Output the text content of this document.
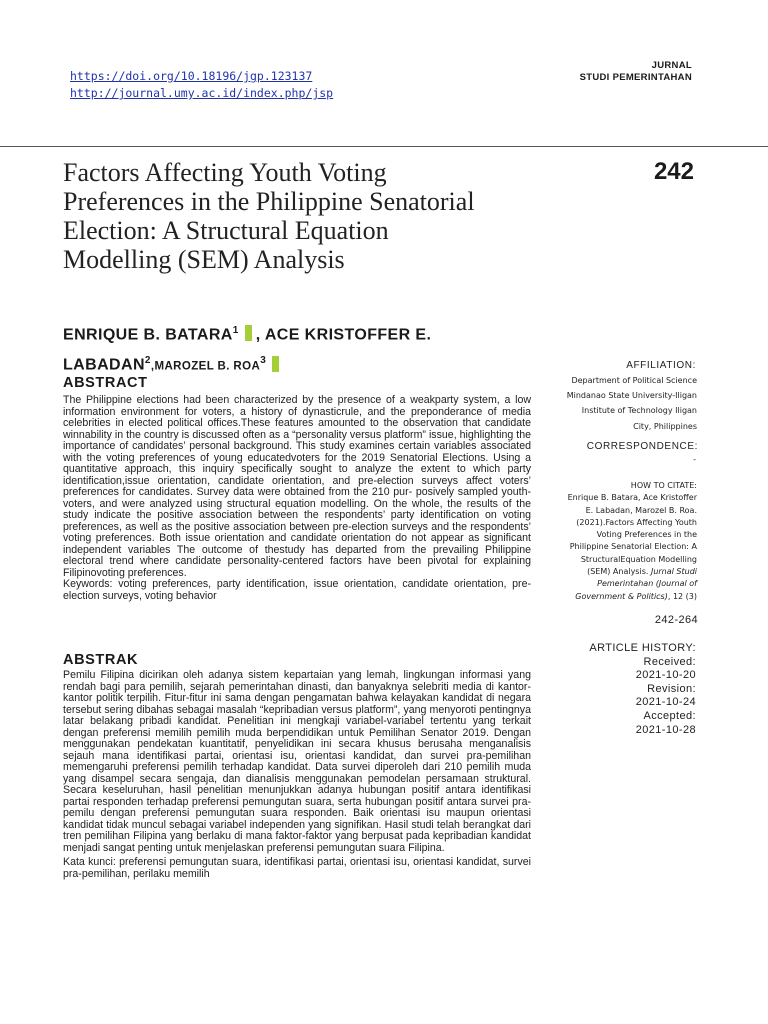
https://doi.org/10.18196/jgp.123137
http://journal.umy.ac.id/index.php/jsp
JURNAL
STUDI PEMERINTAHAN
Factors Affecting Youth Voting Preferences in the Philippine Senatorial Election: A Structural Equation Modelling (SEM) Analysis
242
ENRIQUE B. BATARA$^1$ , ACE KRISTOFFER E.
LABADAN$^2$,MAROZEL B. ROA$^3$
ABSTRACT
The Philippine elections had been characterized by the presence of a weakparty system, a low information environment for voters, a history of dynasticrule, and the preponderance of media celebrities in elected political offices.These features amounted to the observation that candidate winnability in the country is discussed often as a “personality versus platform” issue, highlighting the importance of candidates’ personal background. This study examines certain variables associated with the voting preferences of young educatedvoters for the 2019 Senatorial Elections. Using a quantitative approach, this inquiry specifically sought to analyze the extent to which party identification,issue orientation, candidate orientation, and pre-election surveys affect voters’ preferences for candidates. Survey data were obtained from the 210 pur- posively sampled youth-voters, and were analyzed using structural equation modelling. On the whole, the results of the study indicate the positive association between the respondents’ party identification on voting preferences, as well as the positive association between pre-election surveys and the respondents’ voting preferences. Both issue orientation and candidate orientation do not appear as significant independent variables The outcome of thestudy has departed from the prevailing Philippine electoral trend where candidate personality-centered factors have been pivotal for explaining Filipinovoting preferences.
Keywords: voting preferences, party identification, issue orientation, candidate orientation, pre-election surveys, voting behavior
ABSTRAK
Pemilu Filipina dicirikan oleh adanya sistem kepartaian yang lemah, lingkungan informasi yang rendah bagi para pemilih, sejarah pemerintahan dinasti, dan banyaknya selebriti media di kantor-kantor politik terpilih. Fitur-fitur ini sama dengan pengamatan bahwa kelayakan kandidat di negara tersebut sering dibahas sebagai masalah “kepribadian versus platform”, yang menyoroti pentingnya latar belakang pribadi kandidat. Penelitian ini mengkaji variabel-variabel tertentu yang terkait dengan preferensi memilih pemilih muda berpendidikan untuk Pemilihan Senator 2019. Dengan menggunakan pendekatan kuantitatif, penyelidikan ini secara khusus berusaha menganalisis sejauh mana identifikasi partai, orientasi isu, orientasi kandidat, dan survei pra-pemilihan memengaruhi preferensi pemilih terhadap kandidat. Data survei diperoleh dari 210 pemilih muda yang disampel secara sengaja, dan dianalisis menggunakan pemodelan persamaan struktural. Secara keseluruhan, hasil penelitian menunjukkan adanya hubungan positif antara identifikasi partai responden terhadap preferensi pemungutan suara, serta hubungan positif antara survei pra-pemilu dengan preferensi pemungutan suara responden. Baik orientasi isu maupun orientasi kandidat tidak muncul sebagai variabel independen yang signifikan. Hasil studi telah berangkat dari tren pemilihan Filipina yang berlaku di mana faktor-faktor yang berpusat pada kepribadian kandidat menjadi sangat penting untuk menjelaskan preferensi pemungutan suara Filipina.
Kata kunci: preferensi pemungutan suara, identifikasi partai, orientasi isu, orientasi kandidat, survei pra-pemilihan, perilaku memilih
AFFILIATION:
Department of Political Science
Mindanao State University-Iligan
Institute of Technology Iligan
City, Philippines
CORRESPONDENCE:
-
HOW TO CITATE:
Enrique B. Batara, Ace Kristoffer
E. Labadan, Marozel B. Roa.
(2021).Factors Affecting Youth
Voting Preferences in the
Philippine Senatorial Election: A
StructuralEquation Modelling
(SEM) Analysis. Jurnal Studi
Pemerintahan (Journal of
Government & Politics), 12 (3)
242-264
ARTICLE HISTORY:
Received:
2021-10-20
Revision:
2021-10-24
Accepted:
2021-10-28
